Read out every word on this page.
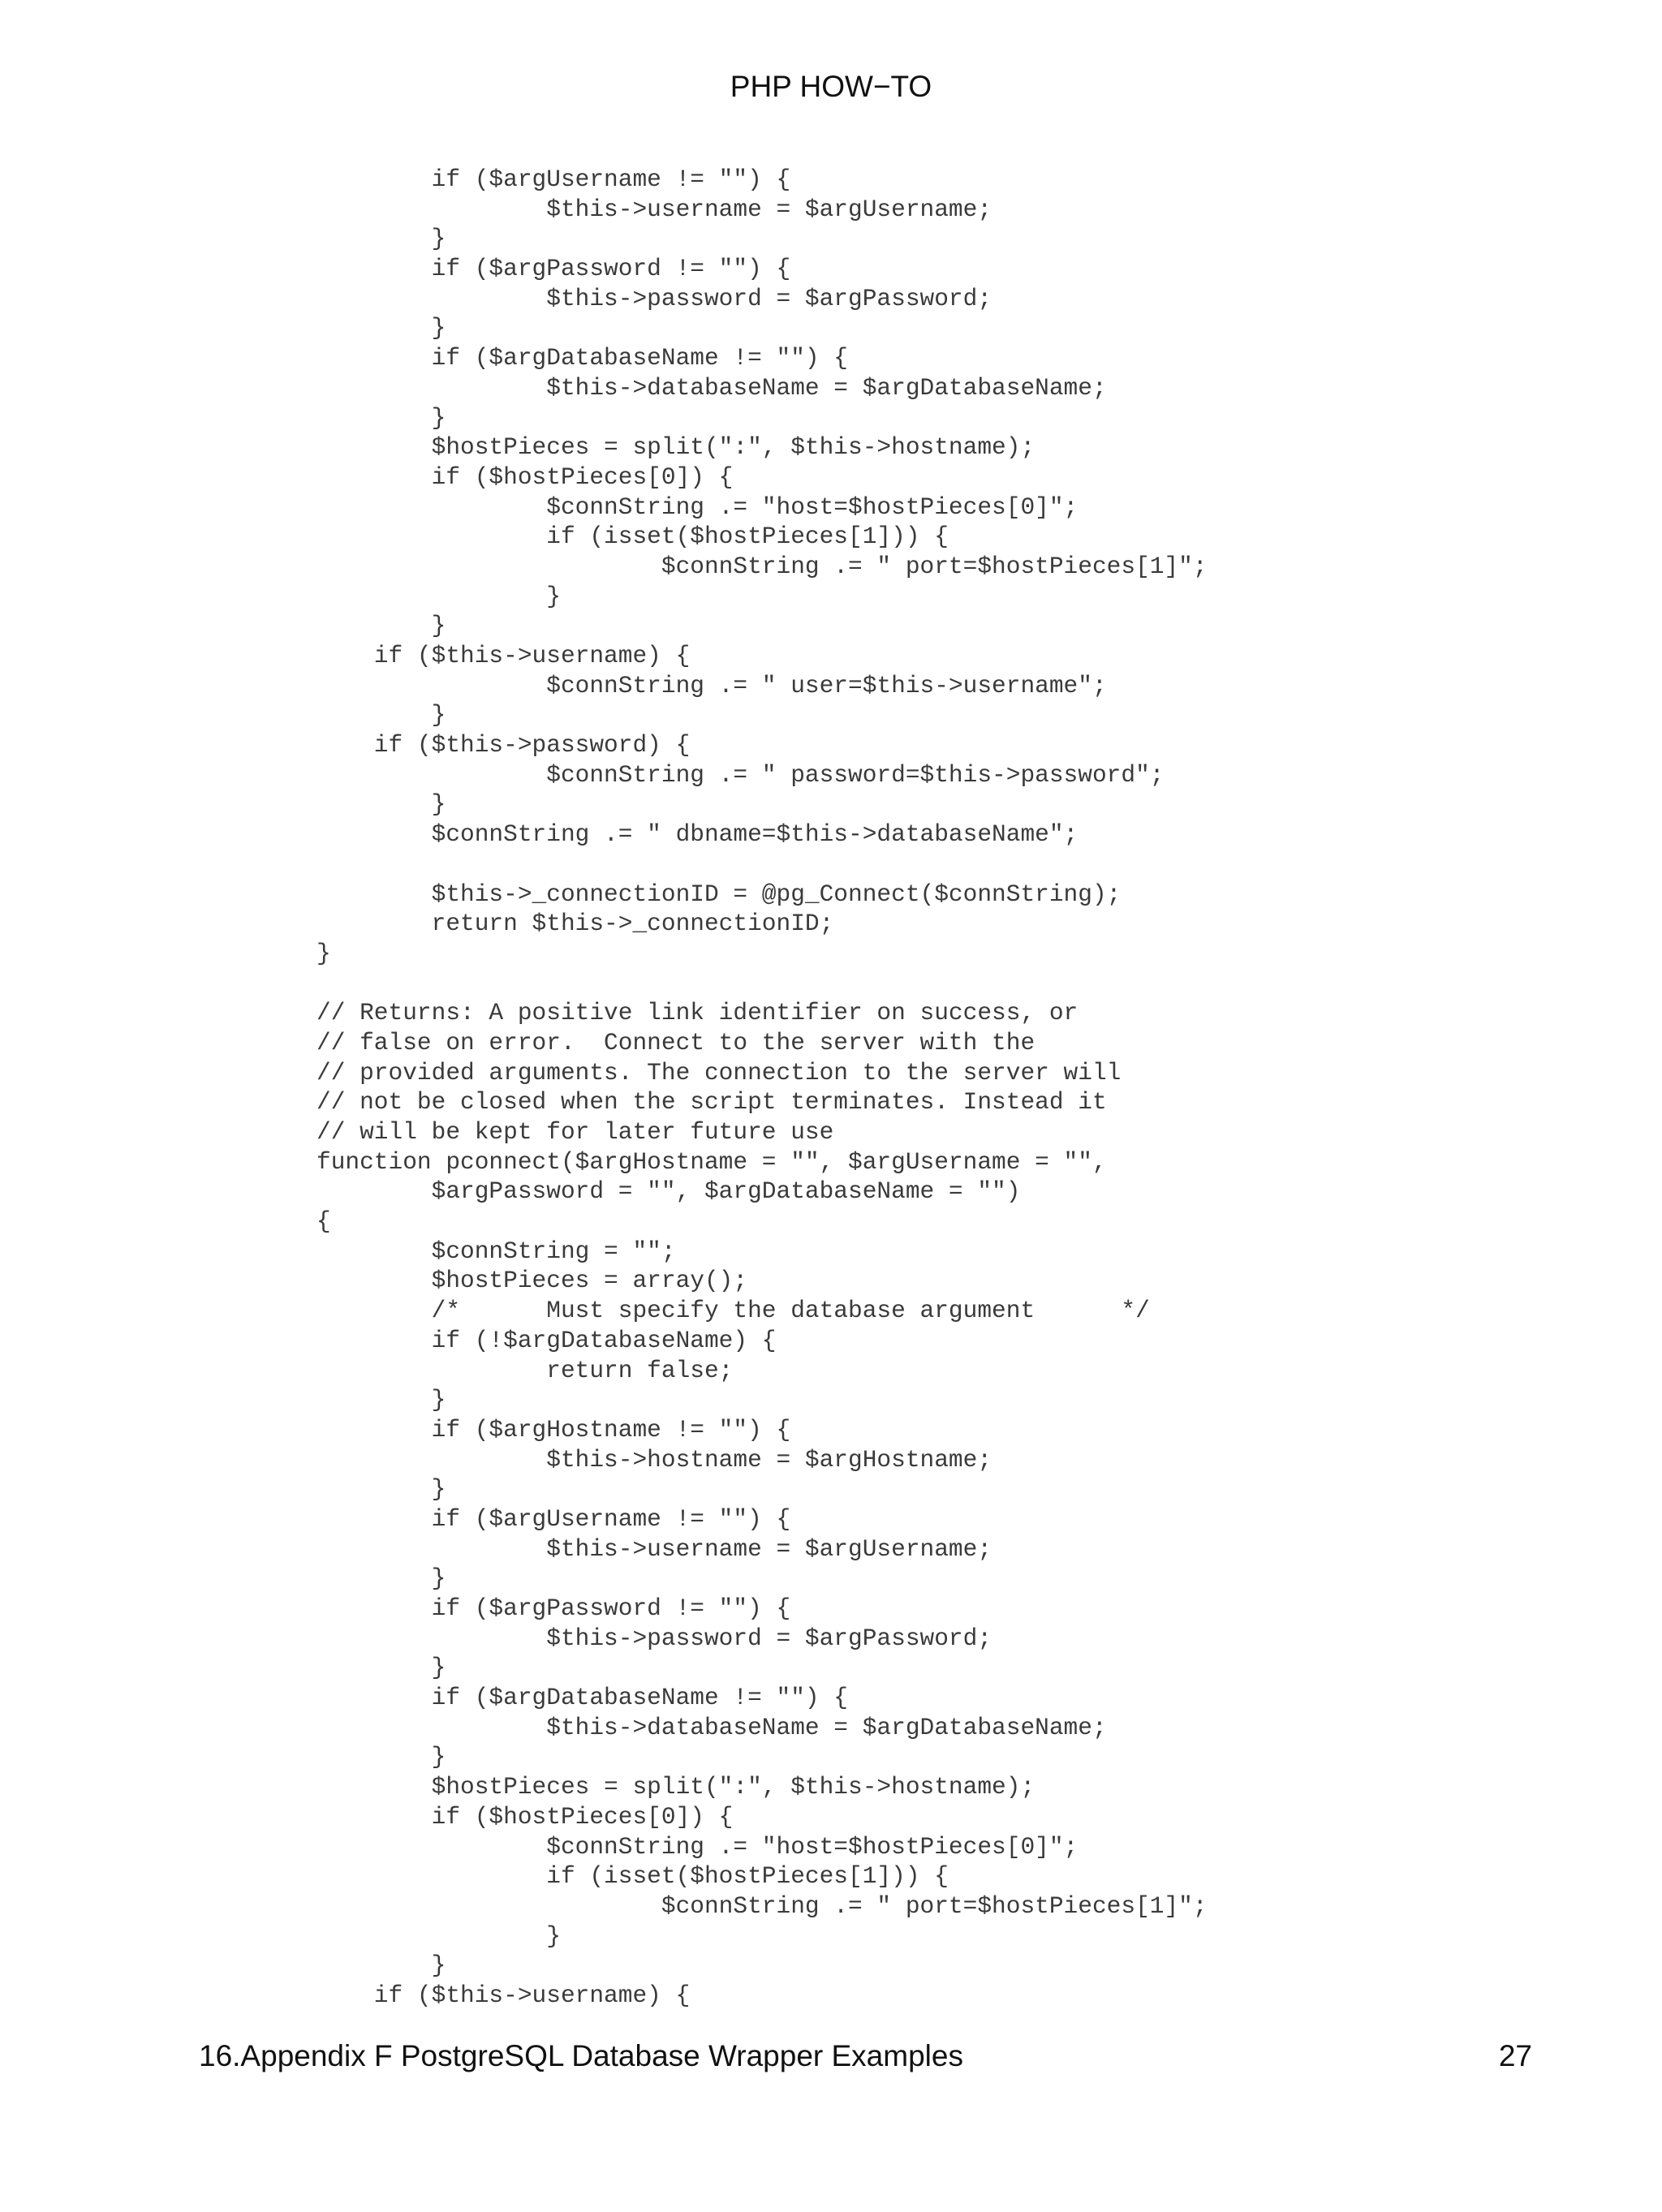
PHP HOW−TO
if ($argUsername != "") {
$this->username = $argUsername;
}
if ($argPassword != "") {
$this->password = $argPassword;
}
if ($argDatabaseName != "") {
$this->databaseName = $argDatabaseName;
}
$hostPieces = split(":", $this->hostname);
if ($hostPieces[0]) {
$connString .= "host=$hostPieces[0]";
if (isset($hostPieces[1])) {
$connString .= " port=$hostPieces[1]";
}
}
if ($this->username) {
$connString .= " user=$this->username";
}
if ($this->password) {
$connString .= " password=$this->password";
}
$connString .= " dbname=$this->databaseName";
$this->_connectionID = @pg_Connect($connString);
return $this->_connectionID;
}
// Returns: A positive link identifier on success, or
// false on error.  Connect to the server with the
// provided arguments. The connection to the server will
// not be closed when the script terminates. Instead it
// will be kept for later future use
function pconnect($argHostname = "", $argUsername = "",
$argPassword = "", $argDatabaseName = "")
{
$connString = "";
$hostPieces = array();
/*      Must specify the database argument      */
if (!$argDatabaseName) {
return false;
}
if ($argHostname != "") {
$this->hostname = $argHostname;
}
if ($argUsername != "") {
$this->username = $argUsername;
}
if ($argPassword != "") {
$this->password = $argPassword;
}
if ($argDatabaseName != "") {
$this->databaseName = $argDatabaseName;
}
$hostPieces = split(":", $this->hostname);
if ($hostPieces[0]) {
$connString .= "host=$hostPieces[0]";
if (isset($hostPieces[1])) {
$connString .= " port=$hostPieces[1]";
}
}
if ($this->username) {
16.Appendix F PostgreSQL Database Wrapper Examples	27
